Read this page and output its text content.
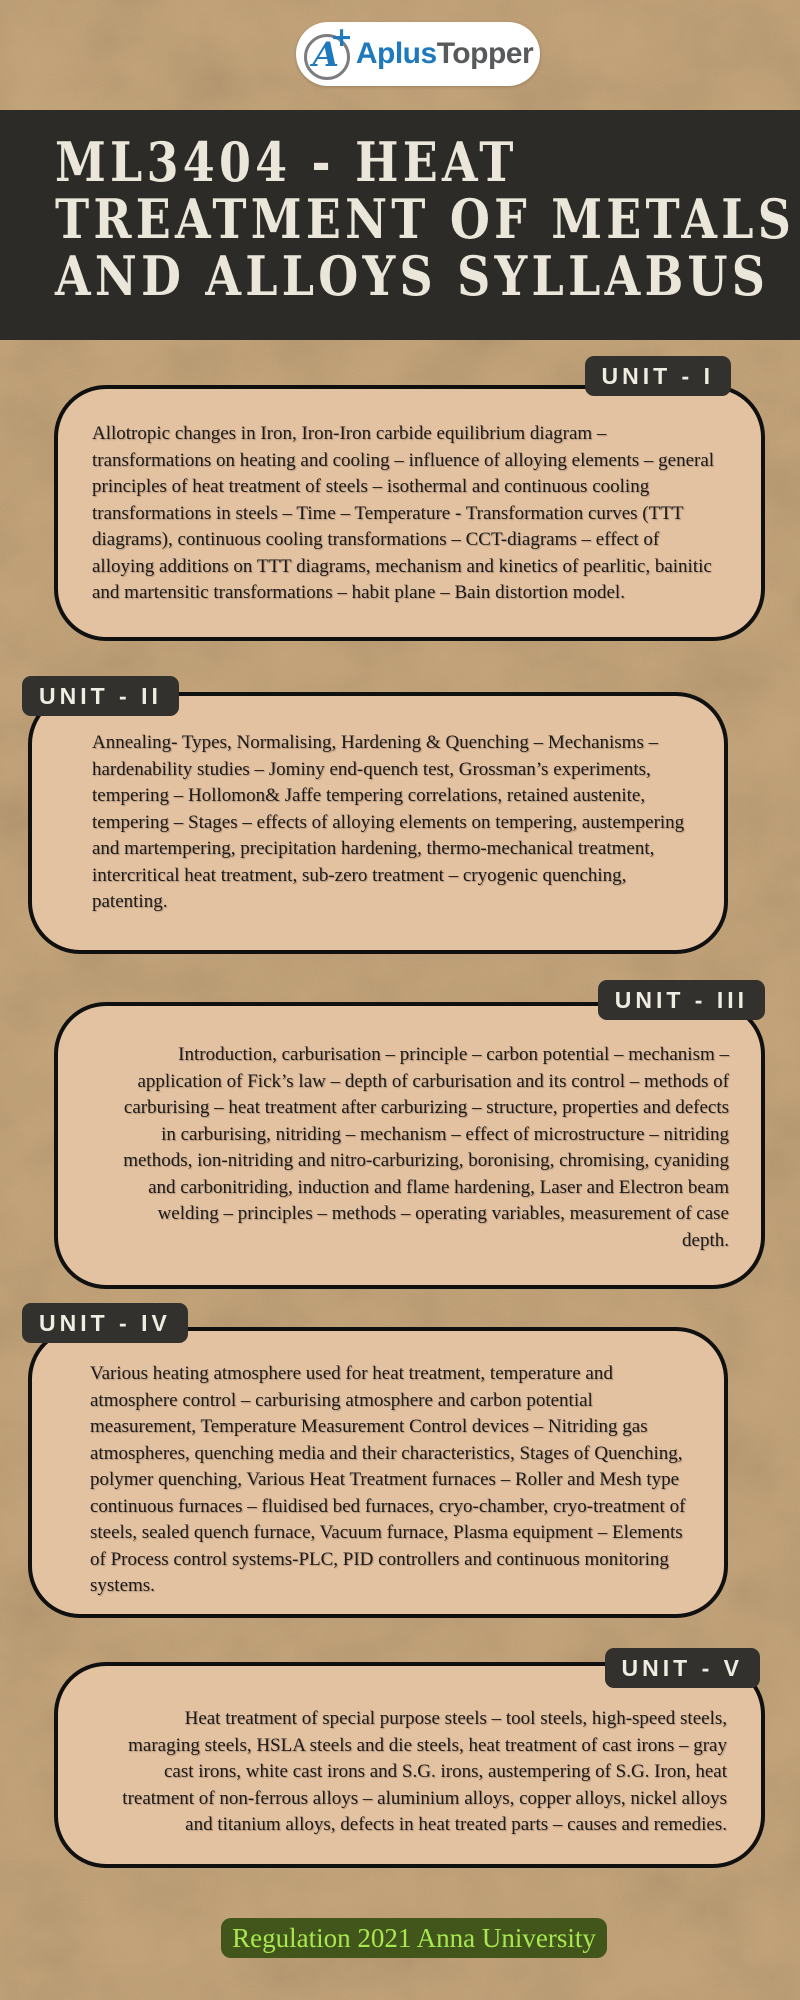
A
+ AplusTopper
ML3404 - HEAT
TREATMENT OF METALS
AND ALLOYS SYLLABUS
UNIT - I

Allotropic changes in Iron, Iron-Iron carbide equilibrium diagram – transformations on heating and cooling – influence of alloying elements – general principles of heat treatment of steels – isothermal and continuous cooling transformations in steels – Time – Temperature - Transformation curves (TTT diagrams), continuous cooling transformations – CCT-diagrams – effect of alloying additions on TTT diagrams, mechanism and kinetics of pearlitic, bainitic and martensitic transformations – habit plane – Bain distortion model.

UNIT - II

Annealing- Types, Normalising, Hardening & Quenching – Mechanisms – hardenability studies – Jominy end-quench test, Grossman’s experiments, tempering – Hollomon& Jaffe tempering correlations, retained austenite, tempering – Stages – effects of alloying elements on tempering, austempering and martempering, precipitation hardening, thermo-mechanical treatment, intercritical heat treatment, sub-zero treatment – cryogenic quenching, patenting.

UNIT - III

Introduction, carburisation – principle – carbon potential – mechanism – application of Fick’s law – depth of carburisation and its control – methods of carburising – heat treatment after carburizing – structure, properties and defects in carburising, nitriding – mechanism – effect of microstructure – nitriding methods, ion-nitriding and nitro-carburizing, boronising, chromising, cyaniding and carbonitriding, induction and flame hardening, Laser and Electron beam welding – principles – methods – operating variables, measurement of case depth.

UNIT - IV

Various heating atmosphere used for heat treatment, temperature and atmosphere control – carburising atmosphere and carbon potential measurement, Temperature Measurement Control devices – Nitriding gas atmospheres, quenching media and their characteristics, Stages of Quenching, polymer quenching, Various Heat Treatment furnaces – Roller and Mesh type continuous furnaces – fluidised bed furnaces, cryo-chamber, cryo-treatment of steels, sealed quench furnace, Vacuum furnace, Plasma equipment – Elements of Process control systems-PLC, PID controllers and continuous monitoring systems.

UNIT - V

Heat treatment of special purpose steels – tool steels, high-speed steels, maraging steels, HSLA steels and die steels, heat treatment of cast irons – gray cast irons, white cast irons and S.G. irons, austempering of S.G. Iron, heat treatment of non-ferrous alloys – aluminium alloys, copper alloys, nickel alloys and titanium alloys, defects in heat treated parts – causes and remedies.

Regulation 2021 Anna University
